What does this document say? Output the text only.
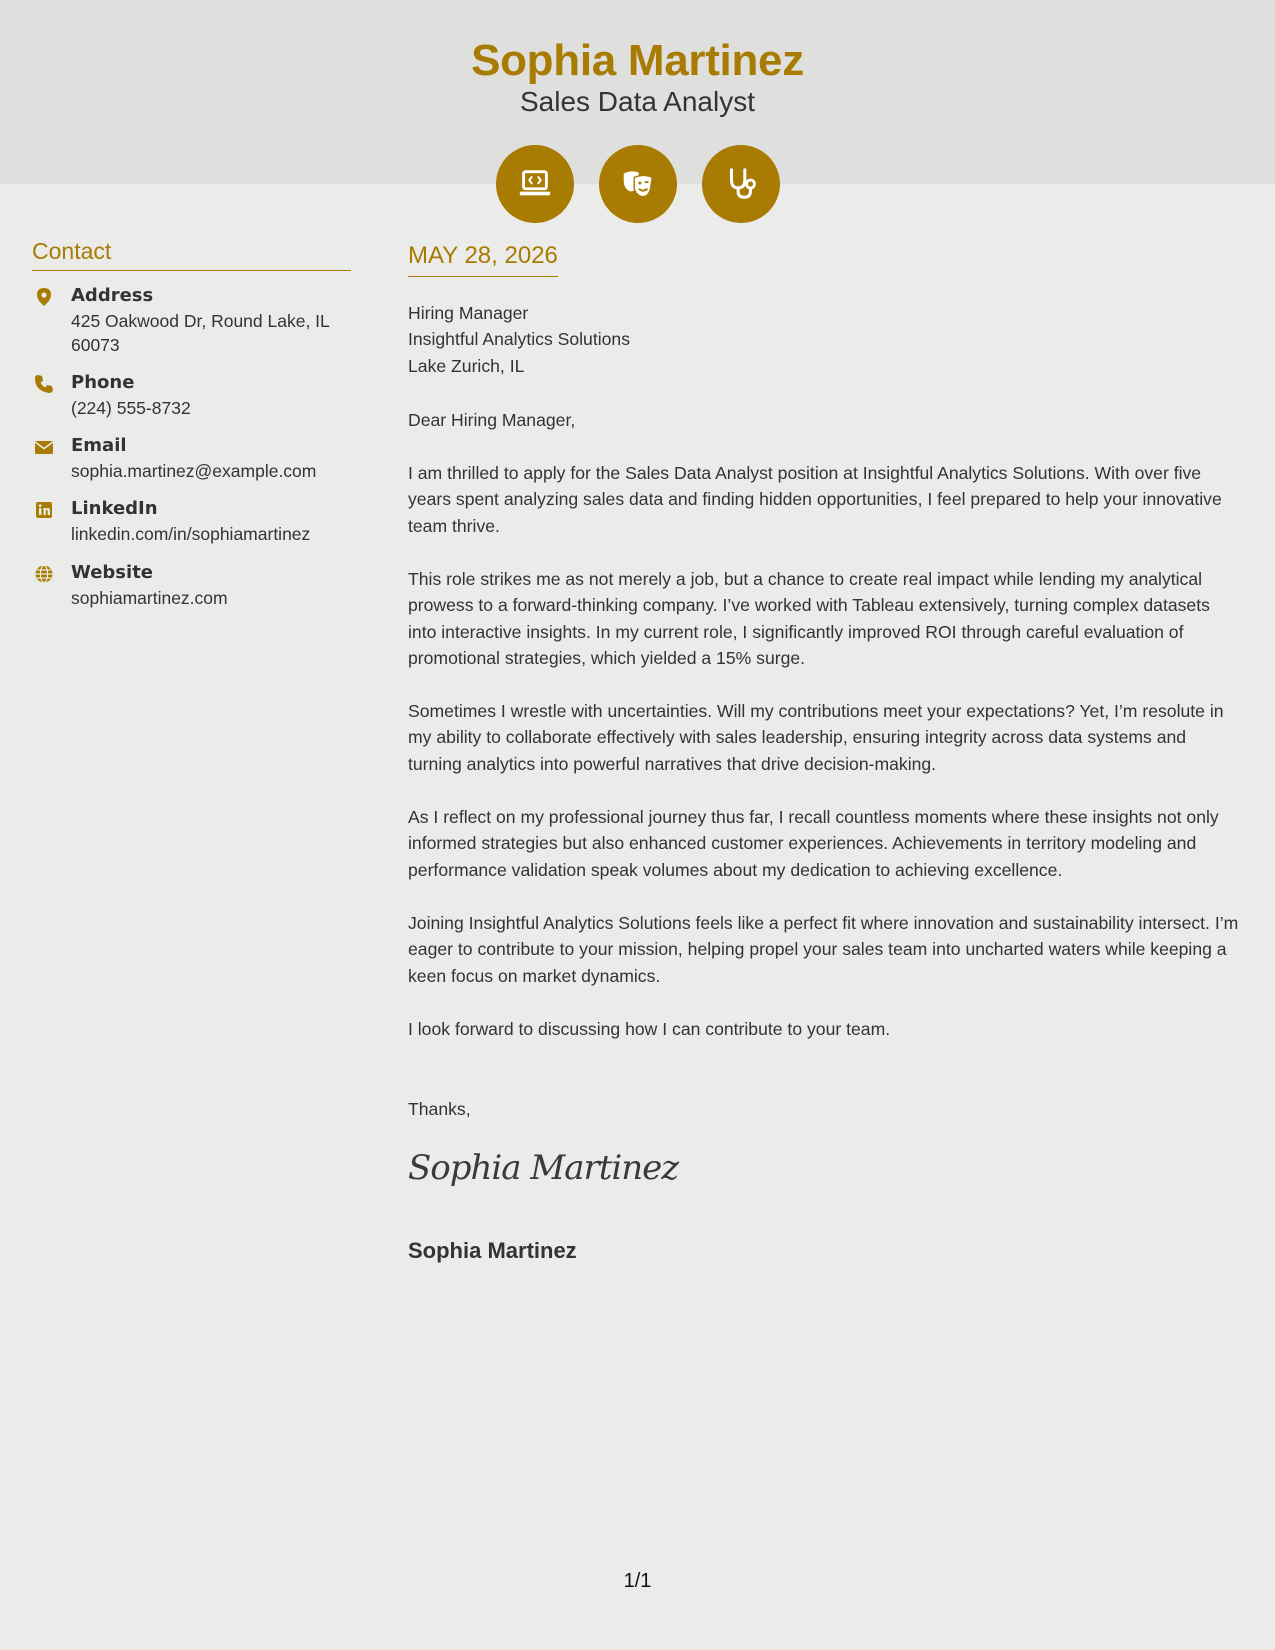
Sophia Martinez
Sales Data Analyst
Contact
Address
425 Oakwood Dr, Round Lake, IL 60073
Phone
(224) 555-8732
Email
sophia.martinez@example.com
LinkedIn
linkedin.com/in/sophiamartinez
Website
sophiamartinez.com
MAY 28, 2026

Hiring Manager

Insightful Analytics Solutions

Lake Zurich, IL

Dear Hiring Manager,
I am thrilled to apply for the Sales Data Analyst position at Insightful Analytics Solutions. With over five years spent analyzing sales data and finding hidden opportunities, I feel prepared to help your innovative team thrive.
This role strikes me as not merely a job, but a chance to create real impact while lending my analytical prowess to a forward-thinking company. I’ve worked with Tableau extensively, turning complex datasets into interactive insights. In my current role, I significantly improved ROI through careful evaluation of promotional strategies, which yielded a 15% surge.
Sometimes I wrestle with uncertainties. Will my contributions meet your expectations? Yet, I’m resolute in my ability to collaborate effectively with sales leadership, ensuring integrity across data systems and turning analytics into powerful narratives that drive decision-making.
As I reflect on my professional journey thus far, I recall countless moments where these insights not only informed strategies but also enhanced customer experiences. Achievements in territory modeling and performance validation speak volumes about my dedication to achieving excellence.
Joining Insightful Analytics Solutions feels like a perfect fit where innovation and sustainability intersect. I’m eager to contribute to your mission, helping propel your sales team into uncharted waters while keeping a keen focus on market dynamics.
I look forward to discussing how I can contribute to your team.
Thanks,
Sophia Martinez
Sophia Martinez
1/1
